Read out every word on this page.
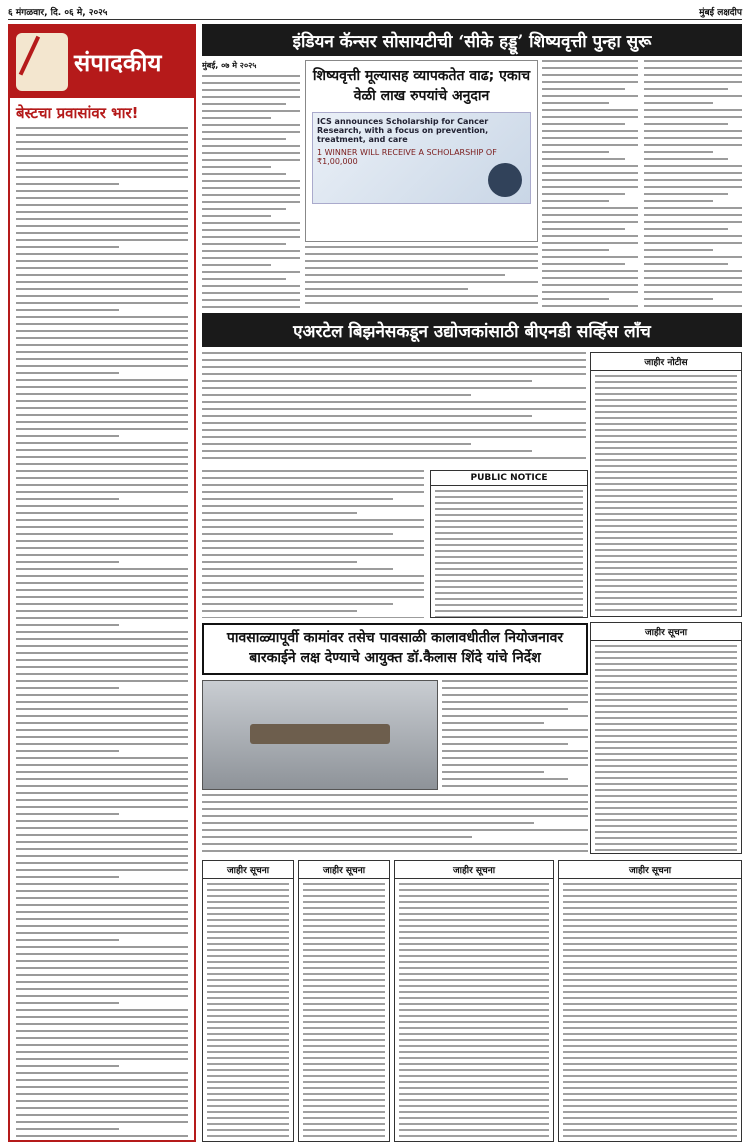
६ मंगळवार, दि. ०६ मे, २०२५	मुंबई लक्षदीप
संपादकीय
बेस्टचा प्रवासांवर भार!
इंडियन कॅन्सर सोसायटीची ‘सीके हड्डू’ शिष्यवृत्ती पुन्हा सुरू
मुंबई, ०७ मे २०२५
शिष्यवृत्ती मूल्यासह व्यापकतेत वाढ; एकाच वेळी लाख रुपयांचे अनुदान
ICS announces Scholarship for Cancer Research, with a focus on prevention, treatment, and care
1 WINNER WILL RECEIVE A SCHOLARSHIP OF ₹1,00,000
एअरटेल बिझनेसकडून उद्योजकांसाठी बीएनडी सर्व्हिस लॉंच
जाहीर नोटीस
PUBLIC NOTICE
पावसाळ्यापूर्वी कामांवर तसेच पावसाळी कालावधीतील नियोजनावर
बारकाईने लक्ष देण्याचे आयुक्त डॉ.कैलास शिंदे यांचे निर्देश
जाहीर सूचना
जाहीर सूचना	जाहीर सूचना	जाहीर सूचना	जाहीर सूचना
